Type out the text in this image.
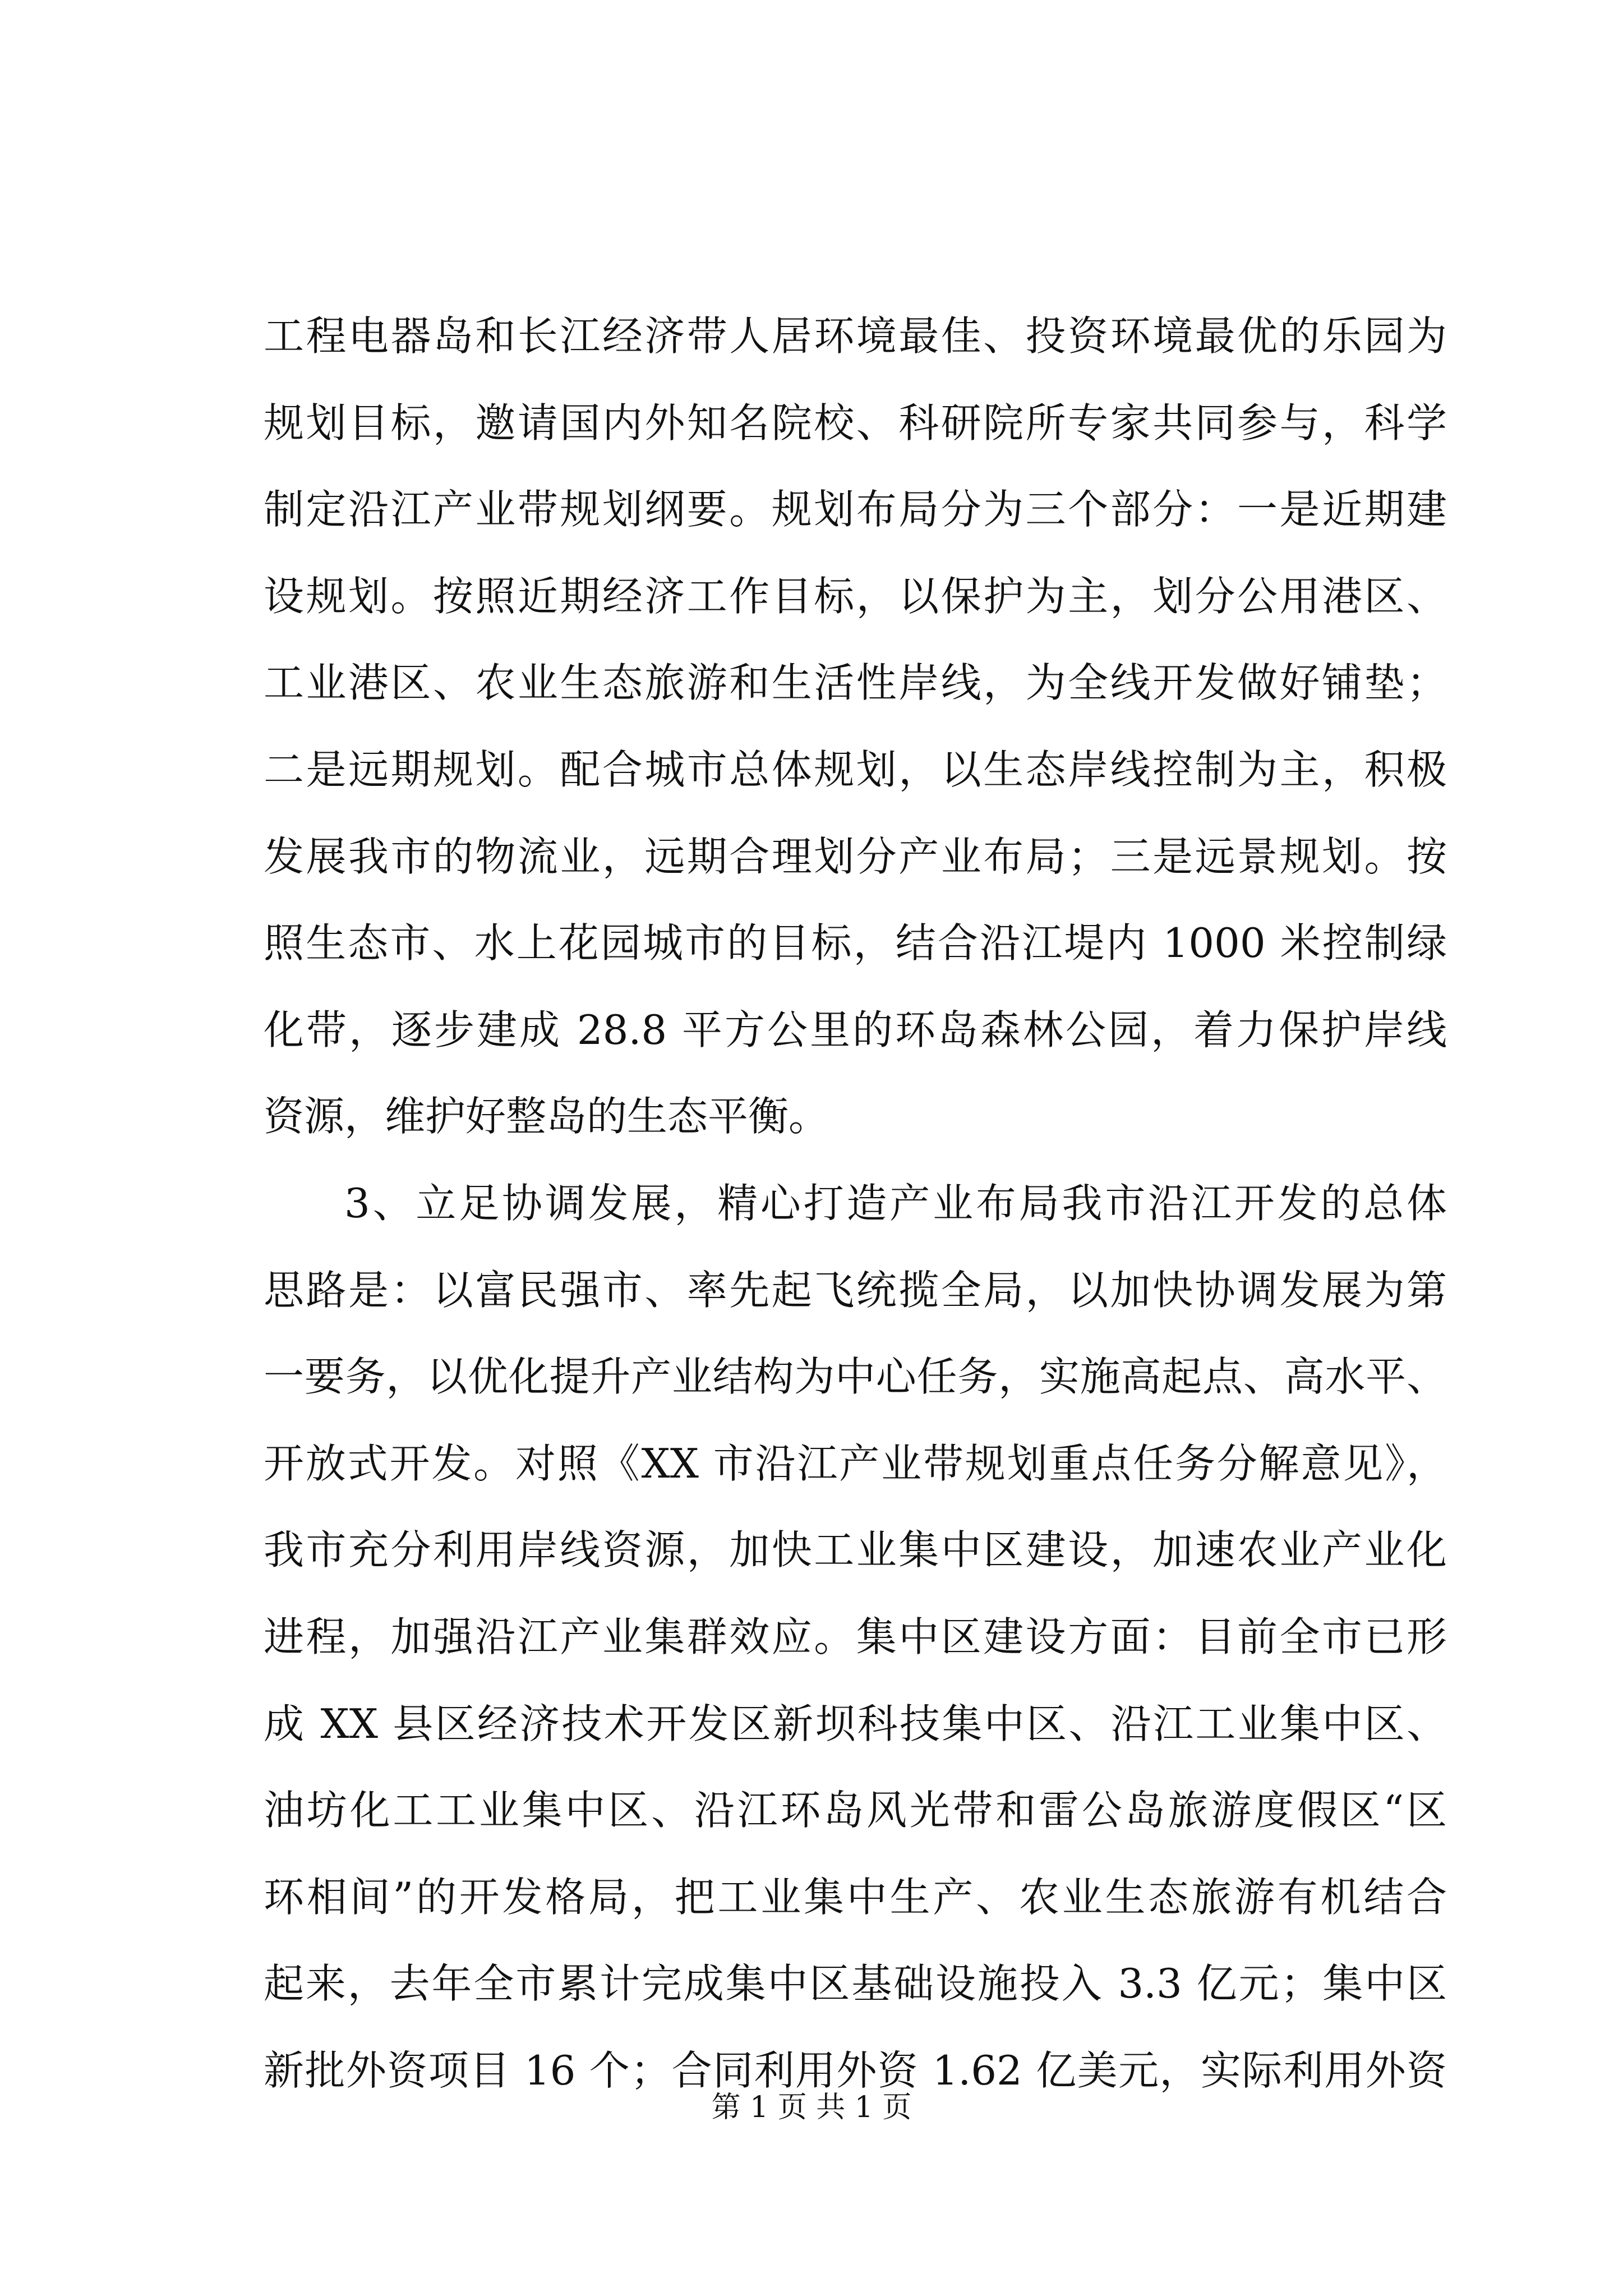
工程电器岛和长江经济带人居环境最佳、投资环境最优的乐园为
规划目标，邀请国内外知名院校、科研院所专家共同参与，科学
制定沿江产业带规划纲要。规划布局分为三个部分：一是近期建
设规划。按照近期经济工作目标，以保护为主，划分公用港区、
工业港区、农业生态旅游和生活性岸线，为全线开发做好铺垫；
二是远期规划。配合城市总体规划，以生态岸线控制为主，积极
发展我市的物流业，远期合理划分产业布局；三是远景规划。按
照生态市、水上花园城市的目标，结合沿江堤内 1000 米控制绿
化带，逐步建成 28.8 平方公里的环岛森林公园，着力保护岸线
资源，维护好整岛的生态平衡。
3、立足协调发展，精心打造产业布局我市沿江开发的总体
思路是：以富民强市、率先起飞统揽全局，以加快协调发展为第
一要务，以优化提升产业结构为中心任务，实施高起点、高水平、
开放式开发。对照《XX 市沿江产业带规划重点任务分解意见》，
我市充分利用岸线资源，加快工业集中区建设，加速农业产业化
进程，加强沿江产业集群效应。集中区建设方面：目前全市已形
成 XX 县区经济技术开发区新坝科技集中区、沿江工业集中区、
油坊化工工业集中区、沿江环岛风光带和雷公岛旅游度假区“区
环相间”的开发格局，把工业集中生产、农业生态旅游有机结合
起来，去年全市累计完成集中区基础设施投入 3.3 亿元；集中区
新批外资项目 16 个；合同利用外资 1.62 亿美元，实际利用外资
第 1 页 共 1 页
